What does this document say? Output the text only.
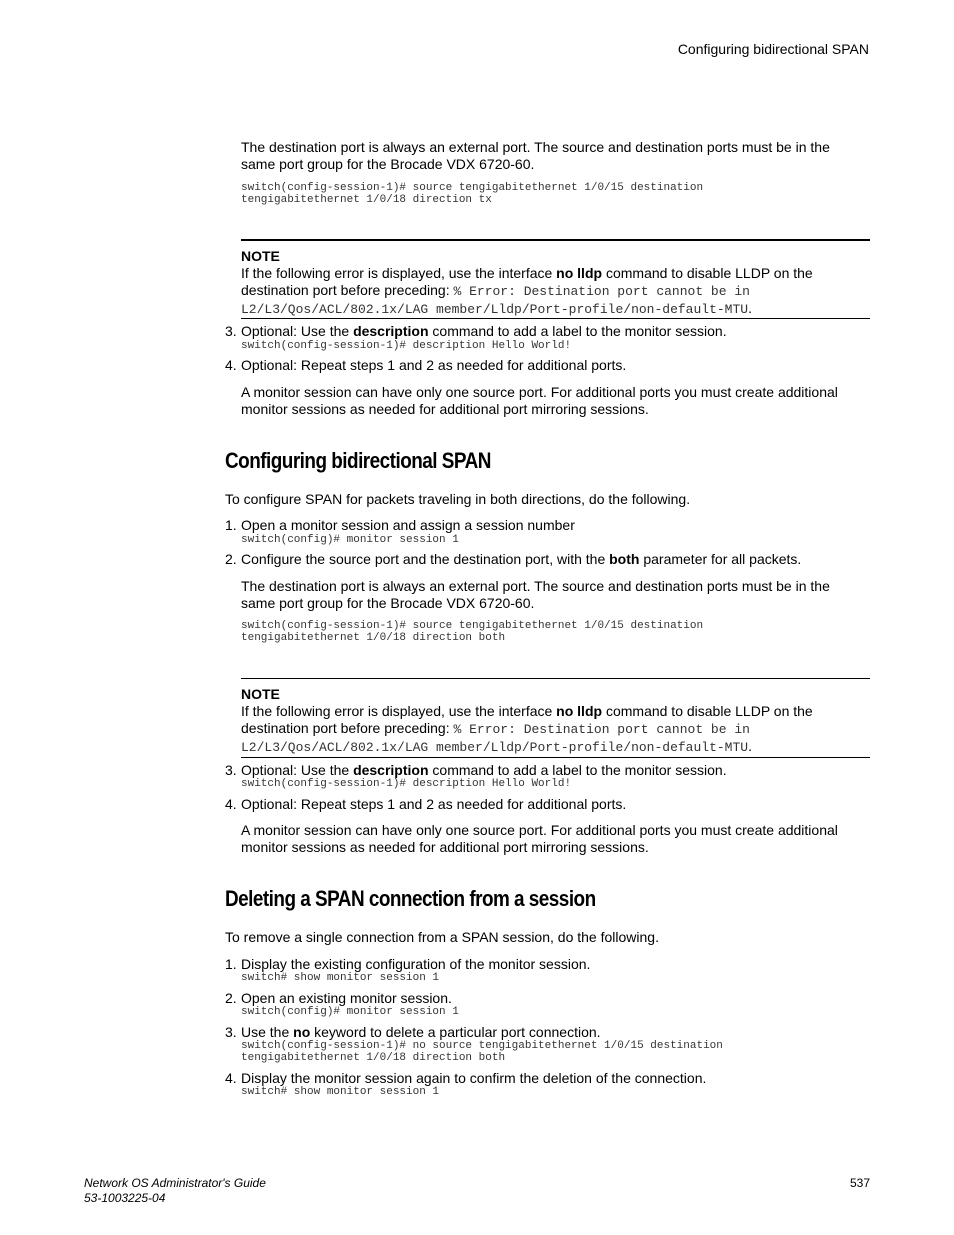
Configuring bidirectional SPAN
The destination port is always an external port. The source and destination ports must be in the same port group for the Brocade VDX 6720-60.
switch(config-session-1)# source tengigabitethernet 1/0/15 destination
tengigabitethernet 1/0/18 direction tx
NOTE
If the following error is displayed, use the interface no lldp command to disable LLDP on the destination port before preceding: % Error: Destination port cannot be in
L2/L3/Qos/ACL/802.1x/LAG member/Lldp/Port-profile/non-default-MTU.
3. Optional: Use the description command to add a label to the monitor session.
switch(config-session-1)# description Hello World!
4. Optional: Repeat steps 1 and 2 as needed for additional ports.
A monitor session can have only one source port. For additional ports you must create additional monitor sessions as needed for additional port mirroring sessions.
Configuring bidirectional SPAN
To configure SPAN for packets traveling in both directions, do the following.
1. Open a monitor session and assign a session number
switch(config)# monitor session 1
2. Configure the source port and the destination port, with the both parameter for all packets.
The destination port is always an external port. The source and destination ports must be in the same port group for the Brocade VDX 6720-60.
switch(config-session-1)# source tengigabitethernet 1/0/15 destination
tengigabitethernet 1/0/18 direction both
NOTE
If the following error is displayed, use the interface no lldp command to disable LLDP on the destination port before preceding: % Error: Destination port cannot be in
L2/L3/Qos/ACL/802.1x/LAG member/Lldp/Port-profile/non-default-MTU.
3. Optional: Use the description command to add a label to the monitor session.
switch(config-session-1)# description Hello World!
4. Optional: Repeat steps 1 and 2 as needed for additional ports.
A monitor session can have only one source port. For additional ports you must create additional monitor sessions as needed for additional port mirroring sessions.
Deleting a SPAN connection from a session
To remove a single connection from a SPAN session, do the following.
1. Display the existing configuration of the monitor session.
switch# show monitor session 1
2. Open an existing monitor session.
switch(config)# monitor session 1
3. Use the no keyword to delete a particular port connection.
switch(config-session-1)# no source tengigabitethernet 1/0/15 destination
tengigabitethernet 1/0/18 direction both
4. Display the monitor session again to confirm the deletion of the connection.
switch# show monitor session 1
Network OS Administrator's Guide
53-1003225-04
537
